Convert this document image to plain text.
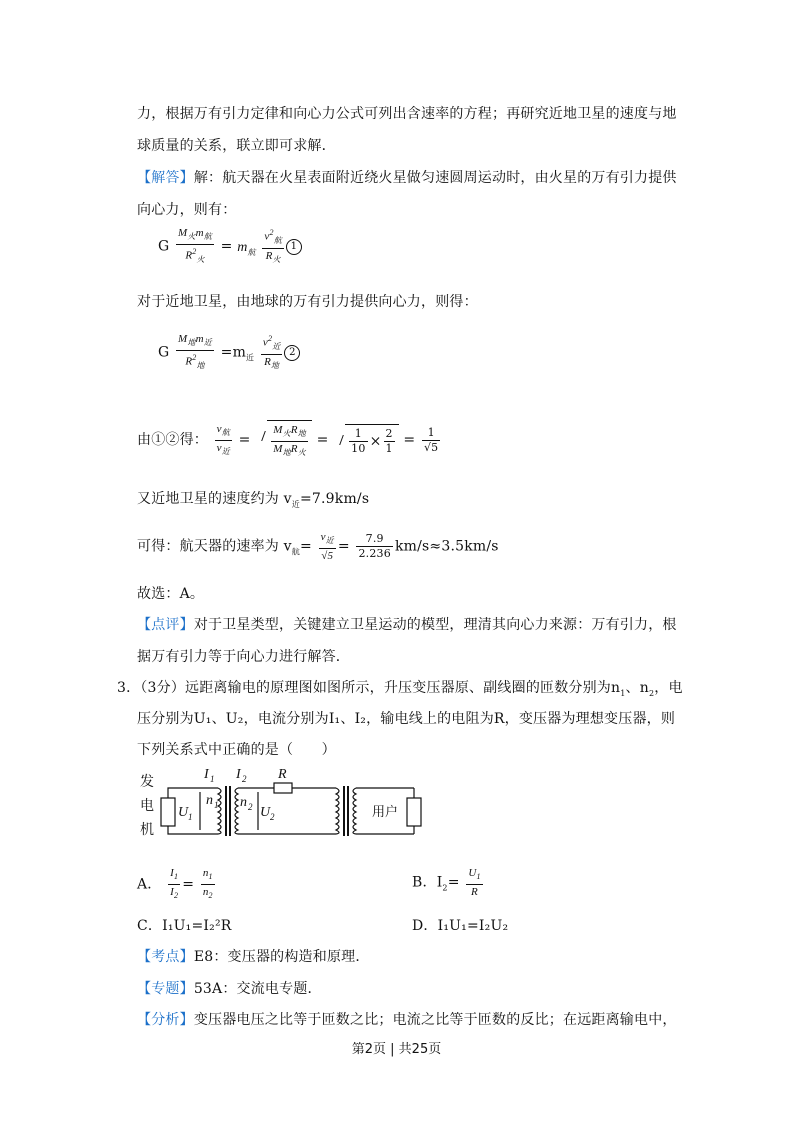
力，根据万有引力定律和向心力公式可列出含速率的方程；再研究近地卫星的速度与地
球质量的关系，联立即可求解．
【解答】解：航天器在火星表面附近绕火星做匀速圆周运动时，由火星的万有引力提供
向心力，则有：
G $\frac{M_火m_航}{R^2_火} = m_航 \frac{v^2_航}{R_火} 1$
对于近地卫星，由地球的万有引力提供向心力，则得：
G $\frac{M_地m_近}{R^2_地} =m_近 \frac{v^2_近}{R_地} 2$
由①②得： $\frac{v_航}{v_近} = \frac{M_火R_地}{M_地R_火} = \frac{1}{10} \times \frac{2}{1} = \frac{1}{√5}$
又近地卫星的速度约为 $v_近=7.9km/s$
可得：航天器的速率为 $v_航= \frac{v_近}{√5} = \frac{7.9}{2.236} km/s\approx 3.5km/s$
故选：A。
【点评】对于卫星类型，关键建立卫星运动的模型，理清其向心力来源：万有引力，根
据万有引力等于向心力进行解答．
3．（3分）远距离输电的原理图如图所示，升压变压器原、副线圈的匝数分别为$n_1$、$n_2$，电
压分别为U₁、U₂，电流分别为I₁、I₂，输电线上的电阻为R，变压器为理想变压器，则
下列关系式中正确的是（　　）
发
电
机
U 1
n 1
I 1 I 2
n 2 U 2
R
用户
A． $\frac{I_1}{I_2} = \frac{n_1}{n_2}$	B．$I_2= \frac{U_1}{R}$
C．I₁U₁=I₂²R	D．I₁U₁=I₂U₂
【考点】E8：变压器的构造和原理．
【专题】53A：交流电专题．
【分析】变压器电压之比等于匝数之比；电流之比等于匝数的反比；在远距离输电中，
第2页 | 共25页
